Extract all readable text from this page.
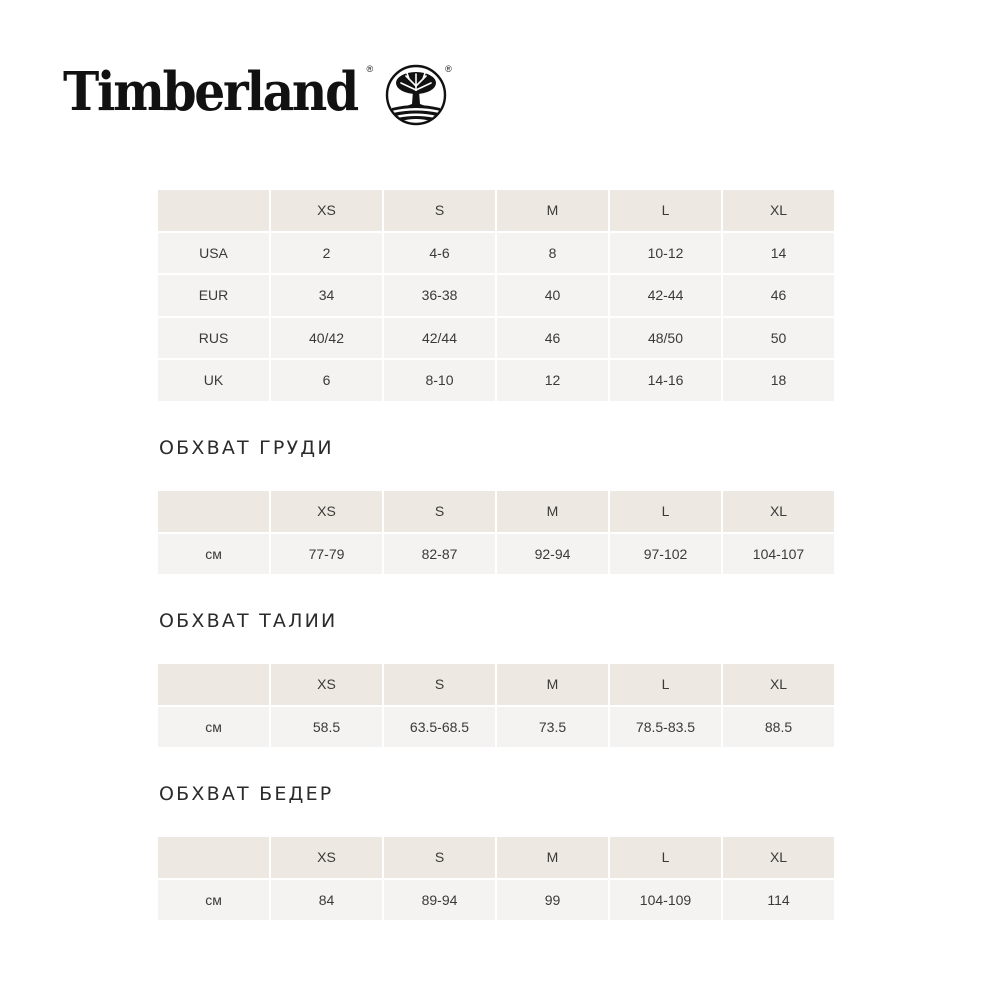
Timberland ®	®
	XS	S	M	L	XL
USA	2	4-6	8	10-12	14
EUR	34	36-38	40	42-44	46
RUS	40/42	42/44	46	48/50	50
UK	6	8-10	12	14-16	18
ОБХВАТ ГРУДИ
	XS	S	M	L	XL
см	77-79	82-87	92-94	97-102	104-107
ОБХВАТ ТАЛИИ
	XS	S	M	L	XL
см	58.5	63.5-68.5	73.5	78.5-83.5	88.5
ОБХВАТ БЕДЕР
	XS	S	M	L	XL
см	84	89-94	99	104-109	114
